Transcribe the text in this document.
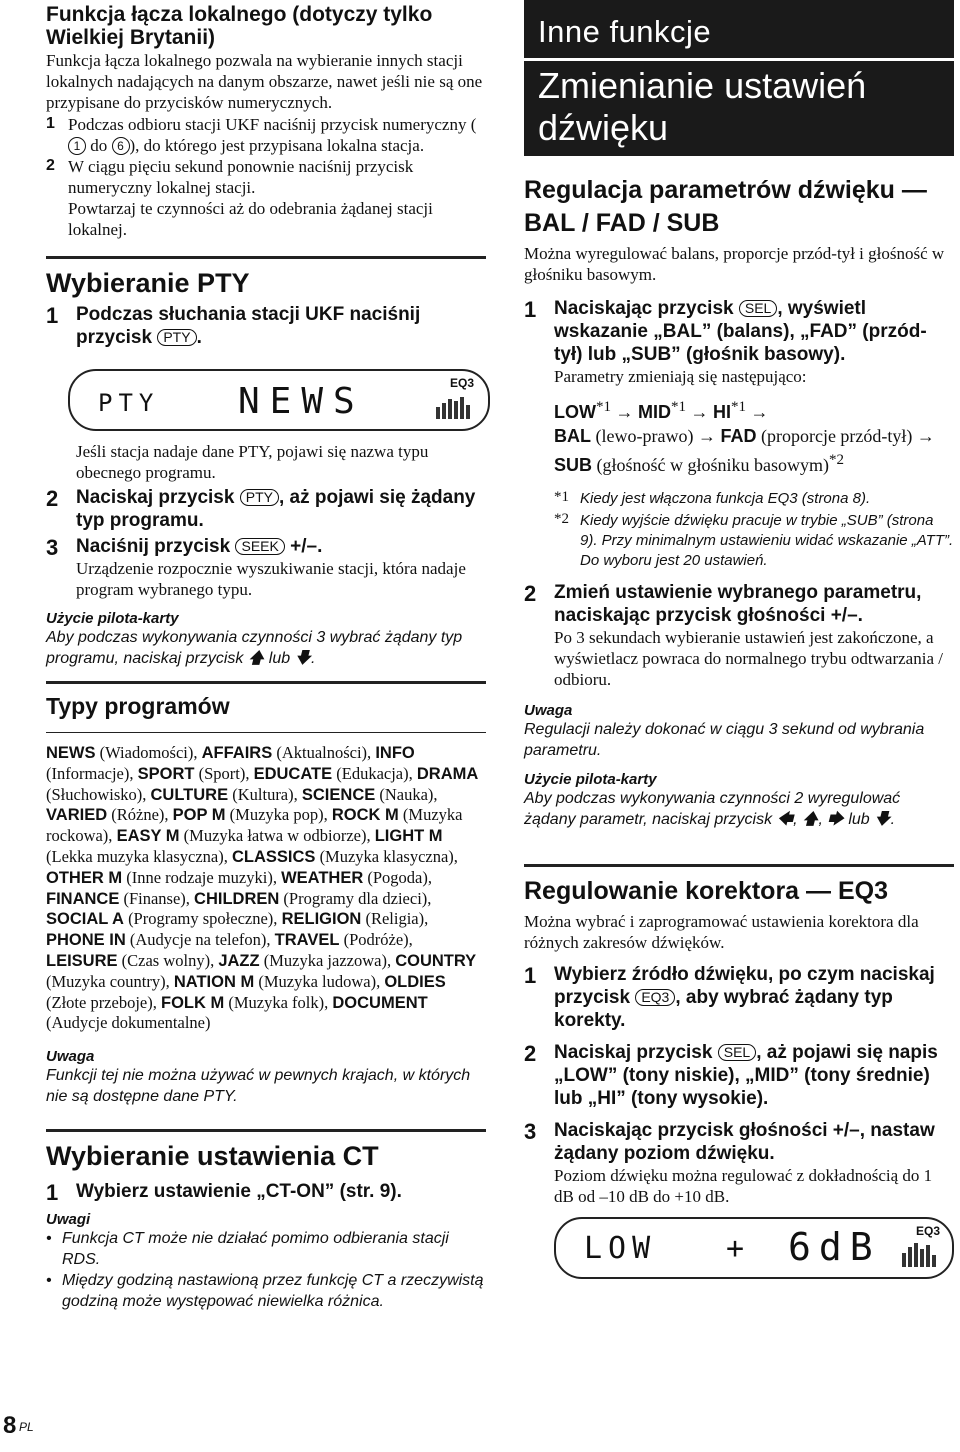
Funkcja łącza lokalnego (dotyczy tylko Wielkiej Brytanii)

Funkcja łącza lokalnego pozwala na wybieranie innych stacji lokalnych nadających na danym obszarze, nawet jeśli nie są one przypisane do przycisków numerycznych.

1 Podczas odbioru stacji UKF naciśnij przycisk numeryczny (1 do 6 ), do którego jest przypisana lokalna stacja.

2 W ciągu pięciu sekund ponownie naciśnij przycisk numeryczny lokalnej stacji.

Powtarzaj te czynności aż do odebrania żądanej stacji lokalnej.

Wybieranie PTY
1 Podczas słuchania stacji UKF naciśnij przycisk PTY .
PTY NEWS	EQ3

Jeśli stacja nadaje dane PTY, pojawi się nazwa typu obecnego programu.

2 Naciskaj przycisk PTY , aż pojawi się żądany typ programu.
3 Naciśnij przycisk SEEK +/–.

Urządzenie rozpocznie wyszukiwanie stacji, która nadaje program wybranego typu.

Użycie pilota-karty

Aby podczas wykonywania czynności 3 wybrać żądany typ programu, naciskaj przycisk 🡅 lub 🡇.

Typy programów

NEWS (Wiadomości), AFFAIRS (Aktualności), INFO (Informacje), SPORT (Sport), EDUCATE (Edukacja), DRAMA (Słuchowisko), CULTURE (Kultura), SCIENCE (Nauka), VARIED (Różne), POP M (Muzyka pop), ROCK M (Muzyka rockowa), EASY M (Muzyka łatwa w odbiorze), LIGHT M (Lekka muzyka klasyczna), CLASSICS (Muzyka klasyczna), OTHER M (Inne rodzaje muzyki), WEATHER (Pogoda), FINANCE (Finanse), CHILDREN (Programy dla dzieci), SOCIAL A (Programy społeczne), RELIGION (Religia), PHONE IN (Audycje na telefon), TRAVEL (Podróże), LEISURE (Czas wolny), JAZZ (Muzyka jazzowa), COUNTRY (Muzyka country), NATION M (Muzyka ludowa), OLDIES (Złote przeboje), FOLK M (Muzyka folk), DOCUMENT (Audycje dokumentalne)

Uwaga

Funkcji tej nie można używać w pewnych krajach, w których nie są dostępne dane PTY.

Wybieranie ustawienia CT
1 Wybierz ustawienie „CT-ON” (str. 9).
Uwagi

• Funkcja CT może nie działać pomimo odbierania stacji RDS.

• Między godziną nastawioną przez funkcję CT a rzeczywistą godziną może występować niewielka różnica.

8 PL
Inne funkcje
Zmienianie ustawień dźwięku
Regulacja parametrów dźwięku — BAL / FAD / SUB

Można wyregulować balans, proporcje przód-tył i głośność w głośniku basowym.

1 Naciskając przycisk SEL , wyświetl wskazanie „BAL” (balans), „FAD” (przód-tył) lub „SUB” (głośnik basowy).

Parametry zmieniają się następująco:

$LOW^{*1} \to MID^{*1} \to HI^{*1}$ →
BAL (lewo-prawo) → FAD (proporcje przód-tył) → SUB (głośność w głośniku basowym)$^{*2}$

*1 Kiedy jest włączona funkcja EQ3 (strona 8).

*2 Kiedy wyjście dźwięku pracuje w trybie „SUB” (strona 9). Przy minimalnym ustawieniu widać wskazanie „ATT”. Do wyboru jest 20 ustawień.

2 Zmień ustawienie wybranego parametru, naciskając przycisk głośności +/–.

Po 3 sekundach wybieranie ustawień jest zakończone, a wyświetlacz powraca do normalnego trybu odtwarzania / odbioru.

Uwaga

Regulacji należy dokonać w ciągu 3 sekund od wybrania parametru.

Użycie pilota-karty

Aby podczas wykonywania czynności 2 wyregulować żądany parametr, naciskaj przycisk 🡄, 🡅, 🡆 lub 🡇.

Regulowanie korektora — EQ3

Można wybrać i zaprogramować ustawienia korektora dla różnych zakresów dźwięków.

1 Wybierz źródło dźwięku, po czym naciskaj przycisk EQ3 , aby wybrać żądany typ korekty.
2 Naciskaj przycisk SEL , aż pojawi się napis „LOW” (tony niskie), „MID” (tony średnie) lub „HI” (tony wysokie).
3 Naciskając przycisk głośności +/–, nastaw żądany poziom dźwięku.

Poziom dźwięku można regulować z dokładnością do 1 dB od –10 dB do +10 dB.

LOW + 6dB	EQ3
